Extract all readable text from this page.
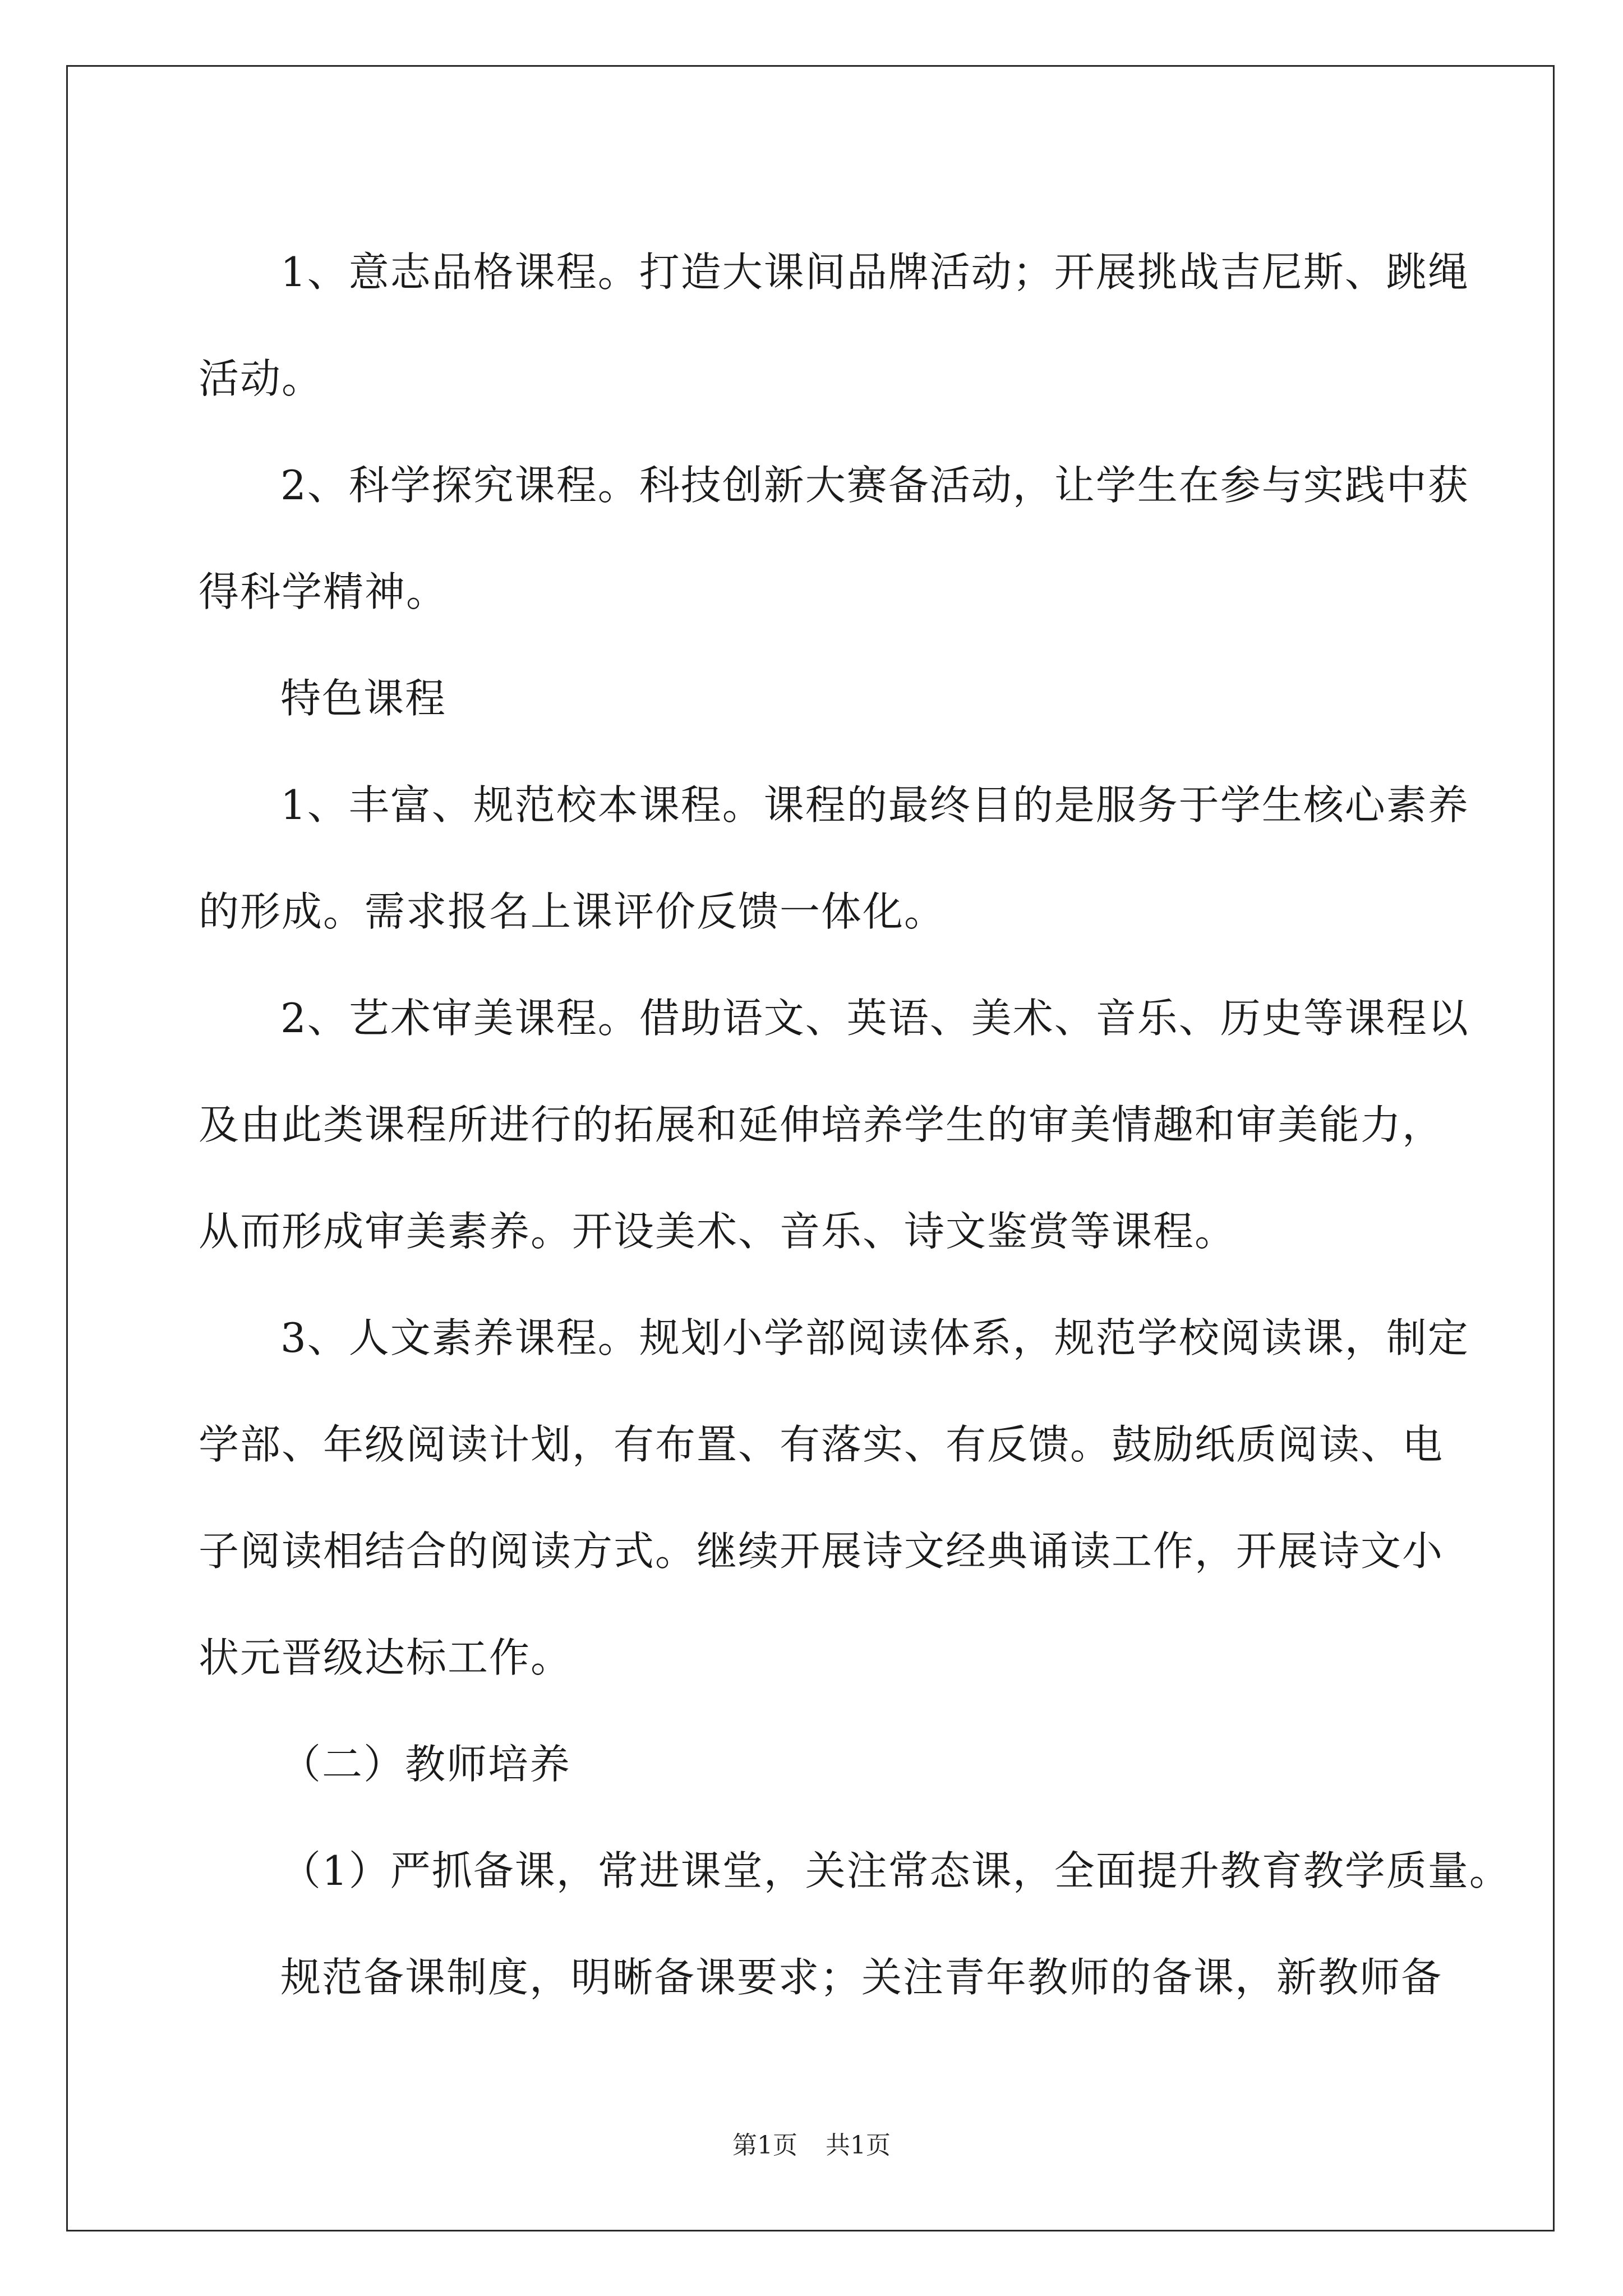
1、意志品格课程。打造大课间品牌活动；开展挑战吉尼斯、跳绳

活动。

2、科学探究课程。科技创新大赛备活动，让学生在参与实践中获

得科学精神。

特色课程

1、丰富、规范校本课程。课程的最终目的是服务于学生核心素养

的形成。需求报名上课评价反馈一体化。

2、艺术审美课程。借助语文、英语、美术、音乐、历史等课程以

及由此类课程所进行的拓展和延伸培养学生的审美情趣和审美能力，

从而形成审美素养。开设美术、音乐、诗文鉴赏等课程。

3、人文素养课程。规划小学部阅读体系，规范学校阅读课，制定

学部、年级阅读计划，有布置、有落实、有反馈。鼓励纸质阅读、电

子阅读相结合的阅读方式。继续开展诗文经典诵读工作，开展诗文小

状元晋级达标工作。

（二）教师培养

（1）严抓备课，常进课堂，关注常态课，全面提升教育教学质量。

规范备课制度，明晰备课要求；关注青年教师的备课，新教师备

第1页 共1页
